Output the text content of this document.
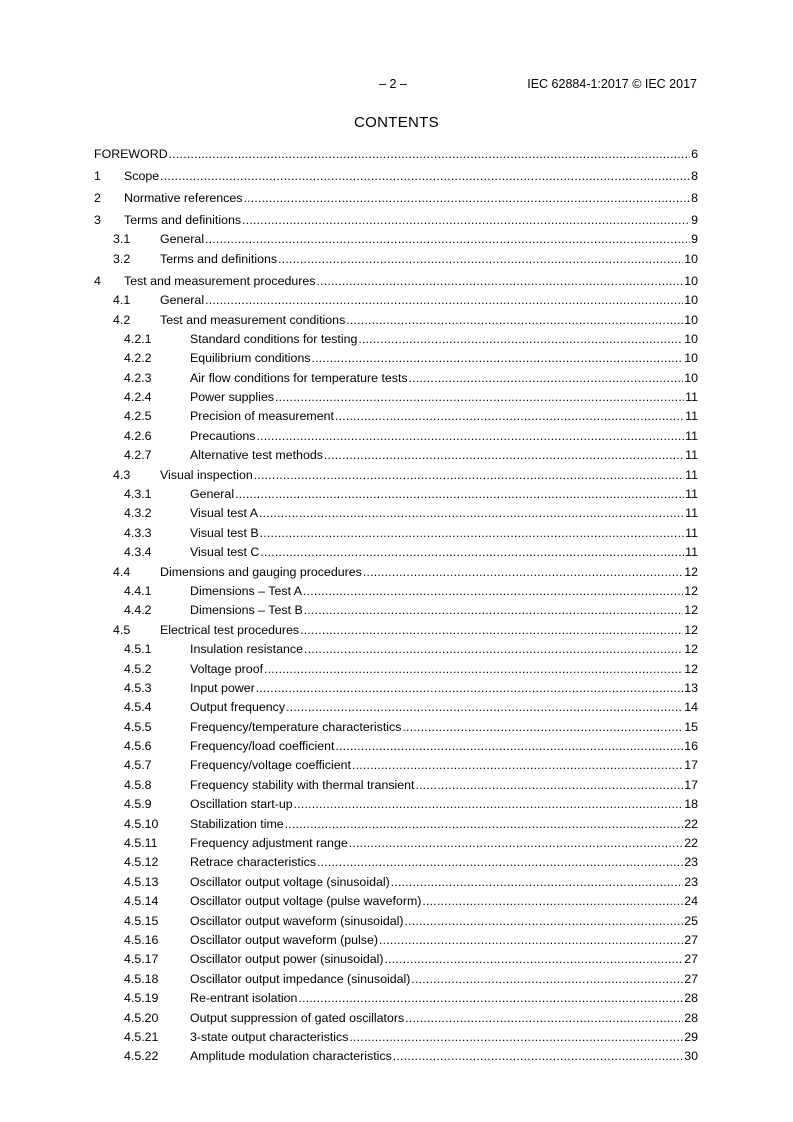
– 2 –	IEC 62884-1:2017 © IEC 2017
CONTENTS
FOREWORD .....	6
1	Scope .....	8
2	Normative references .....	8
3	Terms and definitions .....	9
3.1	General .....	9
3.2	Terms and definitions .....	10
4	Test and measurement procedures .....	10
4.1	General .....	10
4.2	Test and measurement conditions .....	10
4.2.1	Standard conditions for testing .....	10
4.2.2	Equilibrium conditions .....	10
4.2.3	Air flow conditions for temperature tests .....	10
4.2.4	Power supplies .....	11
4.2.5	Precision of measurement .....	11
4.2.6	Precautions .....	11
4.2.7	Alternative test methods .....	11
4.3	Visual inspection .....	11
4.3.1	General .....	11
4.3.2	Visual test A .....	11
4.3.3	Visual test B .....	11
4.3.4	Visual test C .....	11
4.4	Dimensions and gauging procedures .....	12
4.4.1	Dimensions – Test A .....	12
4.4.2	Dimensions – Test B .....	12
4.5	Electrical test procedures .....	12
4.5.1	Insulation resistance .....	12
4.5.2	Voltage proof .....	12
4.5.3	Input power .....	13
4.5.4	Output frequency .....	14
4.5.5	Frequency/temperature characteristics .....	15
4.5.6	Frequency/load coefficient .....	16
4.5.7	Frequency/voltage coefficient .....	17
4.5.8	Frequency stability with thermal transient .....	17
4.5.9	Oscillation start-up .....	18
4.5.10	Stabilization time .....	22
4.5.11	Frequency adjustment range .....	22
4.5.12	Retrace characteristics .....	23
4.5.13	Oscillator output voltage (sinusoidal) .....	23
4.5.14	Oscillator output voltage (pulse waveform) .....	24
4.5.15	Oscillator output waveform (sinusoidal) .....	25
4.5.16	Oscillator output waveform (pulse) .....	27
4.5.17	Oscillator output power (sinusoidal) .....	27
4.5.18	Oscillator output impedance (sinusoidal) .....	27
4.5.19	Re-entrant isolation .....	28
4.5.20	Output suppression of gated oscillators .....	28
4.5.21	3-state output characteristics .....	29
4.5.22	Amplitude modulation characteristics .....	30
